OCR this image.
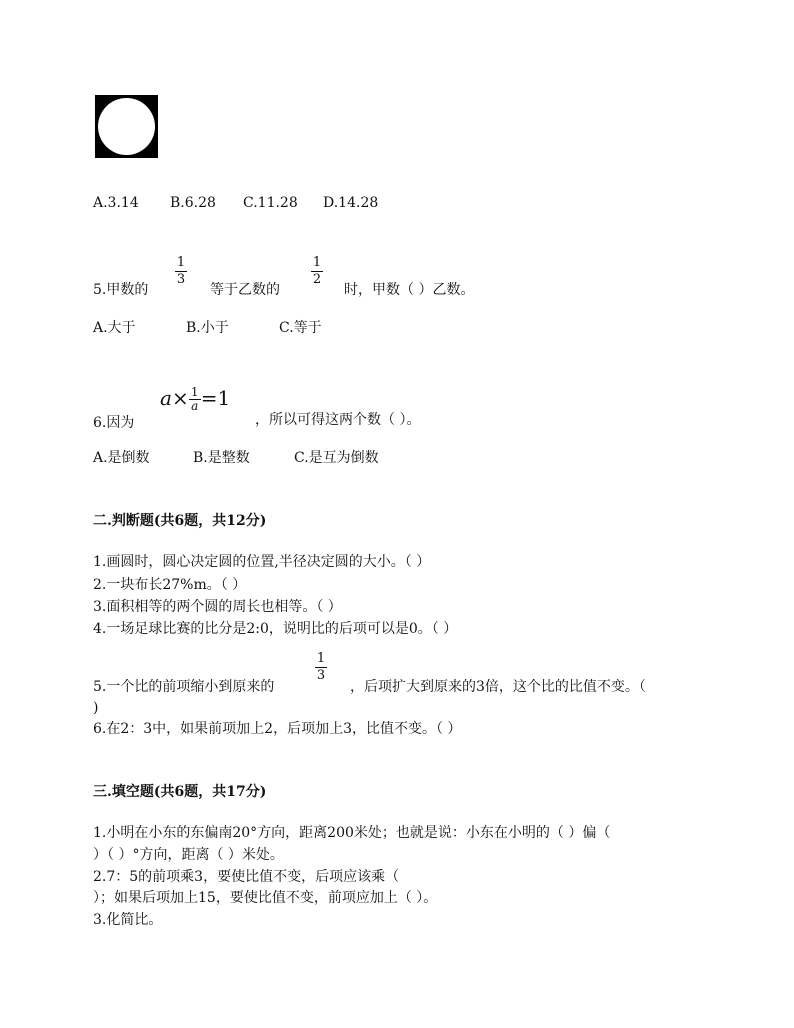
A.3.14 B.6.28 C.11.28 D.14.28
5.甲数的
1
3
等于乙数的
1
2
时，甲数（ ）乙数。
A.大于	B.小于	C.等于
6.因为
$a\times\frac{1}{a}=1$
，所以可得这两个数（ ）。
A.是倒数	B.是整数	C.是互为倒数
二.判断题(共6题，共12分)
1.画圆时，圆心决定圆的位置,半径决定圆的大小。（ ）
2.一块布长27%m。（ ）
3.面积相等的两个圆的周长也相等。（ ）
4.一场足球比赛的比分是2:0，说明比的后项可以是0。（ ）
5.一个比的前项缩小到原来的
1
3
，后项扩大到原来的3倍，这个比的比值不变。（
)
6.在2：3中，如果前项加上2，后项加上3，比值不变。（ ）
三.填空题(共6题，共17分)
1.小明在小东的东偏南20°方向，距离200米处；也就是说：小东在小明的（ ）偏（
）（ ）°方向，距离（ ）米处。
2.7：5的前项乘3，要使比值不变，后项应该乘（
）；如果后项加上15，要使比值不变，前项应加上（ ）。
3.化简比。
